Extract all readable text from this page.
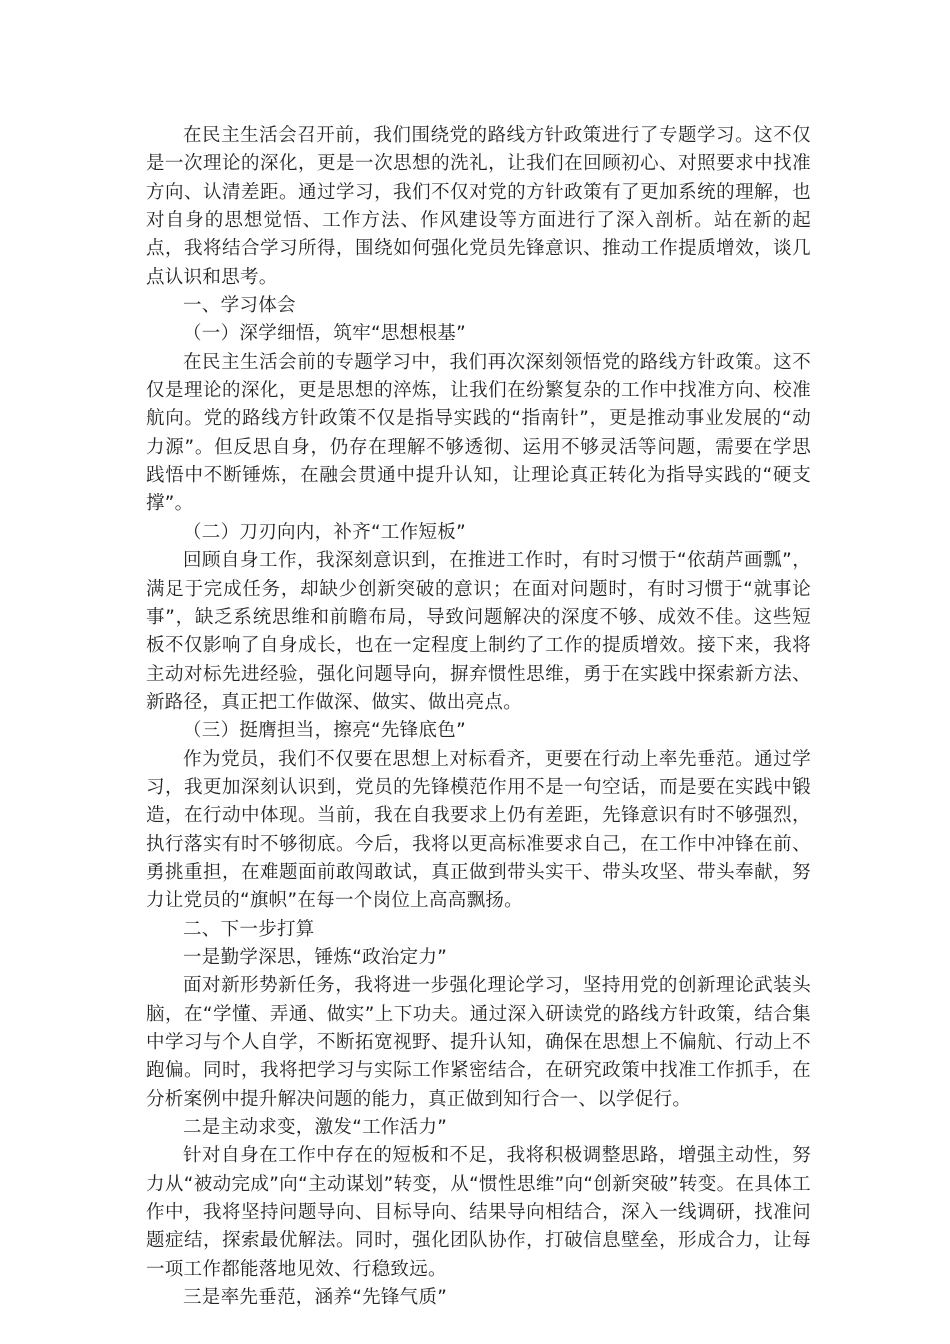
在民主生活会召开前，我们围绕党的路线方针政策进行了专题学习。这不仅是一次理论的深化，更是一次思想的洗礼，让我们在回顾初心、对照要求中找准方向、认清差距。通过学习，我们不仅对党的方针政策有了更加系统的理解，也对自身的思想觉悟、工作方法、作风建设等方面进行了深入剖析。站在新的起点，我将结合学习所得，围绕如何强化党员先锋意识、推动工作提质增效，谈几点认识和思考。

一、学习体会

（一）深学细悟，筑牢“思想根基”

在民主生活会前的专题学习中，我们再次深刻领悟党的路线方针政策。这不仅是理论的深化，更是思想的淬炼，让我们在纷繁复杂的工作中找准方向、校准航向。党的路线方针政策不仅是指导实践的“指南针”，更是推动事业发展的“动力源”。但反思自身，仍存在理解不够透彻、运用不够灵活等问题，需要在学思践悟中不断锤炼，在融会贯通中提升认知，让理论真正转化为指导实践的“硬支撑”。

（二）刀刃向内，补齐“工作短板”

回顾自身工作，我深刻意识到，在推进工作时，有时习惯于“依葫芦画瓢”，满足于完成任务，却缺少创新突破的意识；在面对问题时，有时习惯于“就事论事”，缺乏系统思维和前瞻布局，导致问题解决的深度不够、成效不佳。这些短板不仅影响了自身成长，也在一定程度上制约了工作的提质增效。接下来，我将主动对标先进经验，强化问题导向，摒弃惯性思维，勇于在实践中探索新方法、新路径，真正把工作做深、做实、做出亮点。

（三）挺膺担当，擦亮“先锋底色”

作为党员，我们不仅要在思想上对标看齐，更要在行动上率先垂范。通过学习，我更加深刻认识到，党员的先锋模范作用不是一句空话，而是要在实践中锻造，在行动中体现。当前，我在自我要求上仍有差距，先锋意识有时不够强烈，执行落实有时不够彻底。今后，我将以更高标准要求自己，在工作中冲锋在前、勇挑重担，在难题面前敢闯敢试，真正做到带头实干、带头攻坚、带头奉献，努力让党员的“旗帜”在每一个岗位上高高飘扬。

二、下一步打算

一是勤学深思，锤炼“政治定力”

面对新形势新任务，我将进一步强化理论学习，坚持用党的创新理论武装头脑，在“学懂、弄通、做实”上下功夫。通过深入研读党的路线方针政策，结合集中学习与个人自学，不断拓宽视野、提升认知，确保在思想上不偏航、行动上不跑偏。同时，我将把学习与实际工作紧密结合，在研究政策中找准工作抓手，在分析案例中提升解决问题的能力，真正做到知行合一、以学促行。

二是主动求变，激发“工作活力”

针对自身在工作中存在的短板和不足，我将积极调整思路，增强主动性，努力从“被动完成”向“主动谋划”转变，从“惯性思维”向“创新突破”转变。在具体工作中，我将坚持问题导向、目标导向、结果导向相结合，深入一线调研，找准问题症结，探索最优解法。同时，强化团队协作，打破信息壁垒，形成合力，让每一项工作都能落地见效、行稳致远。

三是率先垂范，涵养“先锋气质”
